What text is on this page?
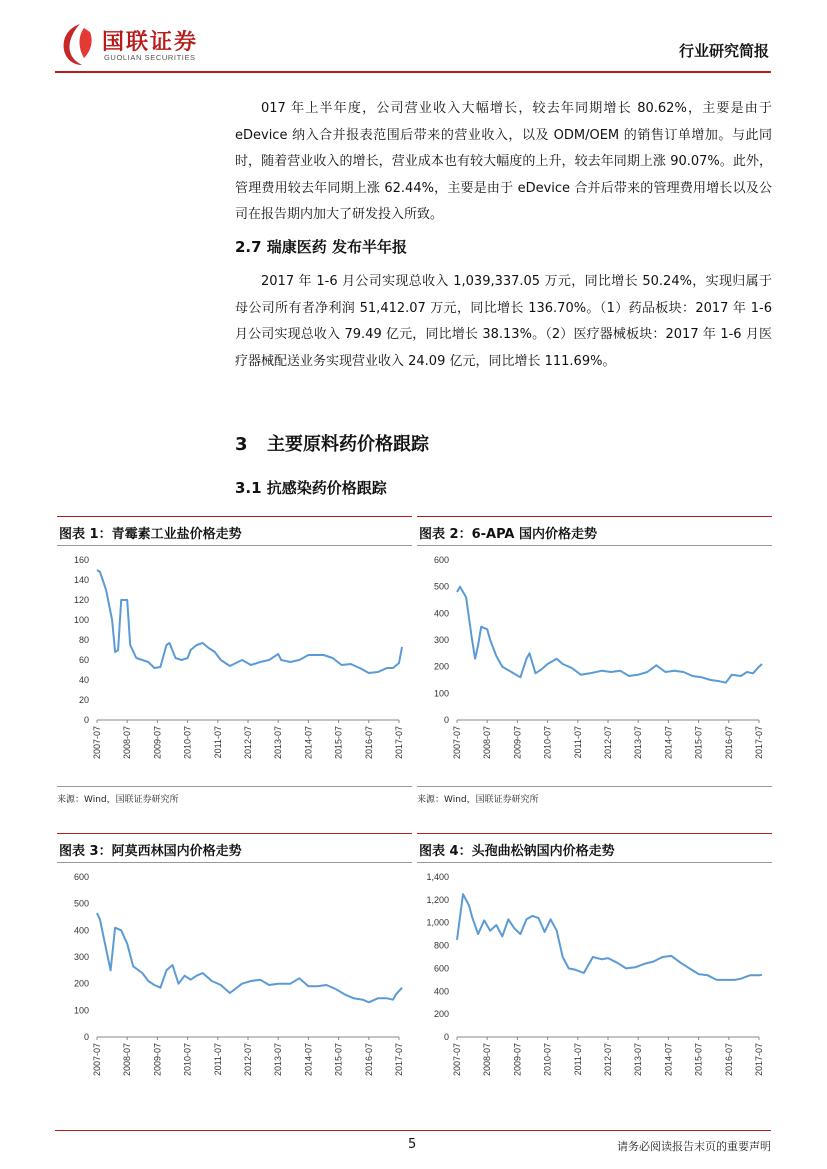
国联证券
GUOLIAN SECURITIES	行业研究简报

017 年上半年度，公司营业收入大幅增长，较去年同期增长 80.62%，主要是由于 eDevice 纳入合并报表范围后带来的营业收入，以及 ODM/OEM 的销售订单增加。与此同时，随着营业收入的增长，营业成本也有较大幅度的上升，较去年同期上涨 90.07%。此外，管理费用较去年同期上涨 62.44%，主要是由于 eDevice 合并后带来的管理费用增长以及公司在报告期内加大了研发投入所致。

2.7 瑞康医药 发布半年报

2017 年 1-6 月公司实现总收入 1,039,337.05 万元，同比增长 50.24%，实现归属于母公司所有者净利润 51,412.07 万元，同比增长 136.70%。（1）药品板块：2017 年 1-6 月公司实现总收入 79.49 亿元，同比增长 38.13%。（2）医疗器械板块：2017 年 1-6 月医疗器械配送业务实现营业收入 24.09 亿元，同比增长 111.69%。

3 主要原料药价格跟踪
3.1 抗感染药价格跟踪
图表 1：青霉素工业盐价格走势
0
20
40
60
80
100
120
140
160
2007-07 2008-07 2009-07 2010-07 2011-07 2012-07 2013-07 2014-07 2015-07 2016-07 2017-07
来源：Wind，国联证券研究所
图表 2：6-APA 国内价格走势
0
100
200
300
400
500
600
2007-07 2008-07 2009-07 2010-07 2011-07 2012-07 2013-07 2014-07 2015-07 2016-07 2017-07
来源：Wind，国联证券研究所
图表 3：阿莫西林国内价格走势
0
100
200
300
400
500
600
2007-07 2008-07 2009-07 2010-07 2011-07 2012-07 2013-07 2014-07 2015-07 2016-07 2017-07
图表 4：头孢曲松钠国内价格走势
0
200
400
600
800
1,000
1,200
1,400
2007-07 2008-07 2009-07 2010-07 2011-07 2012-07 2013-07 2014-07 2015-07 2016-07 2017-07
5	请务必阅读报告末页的重要声明
